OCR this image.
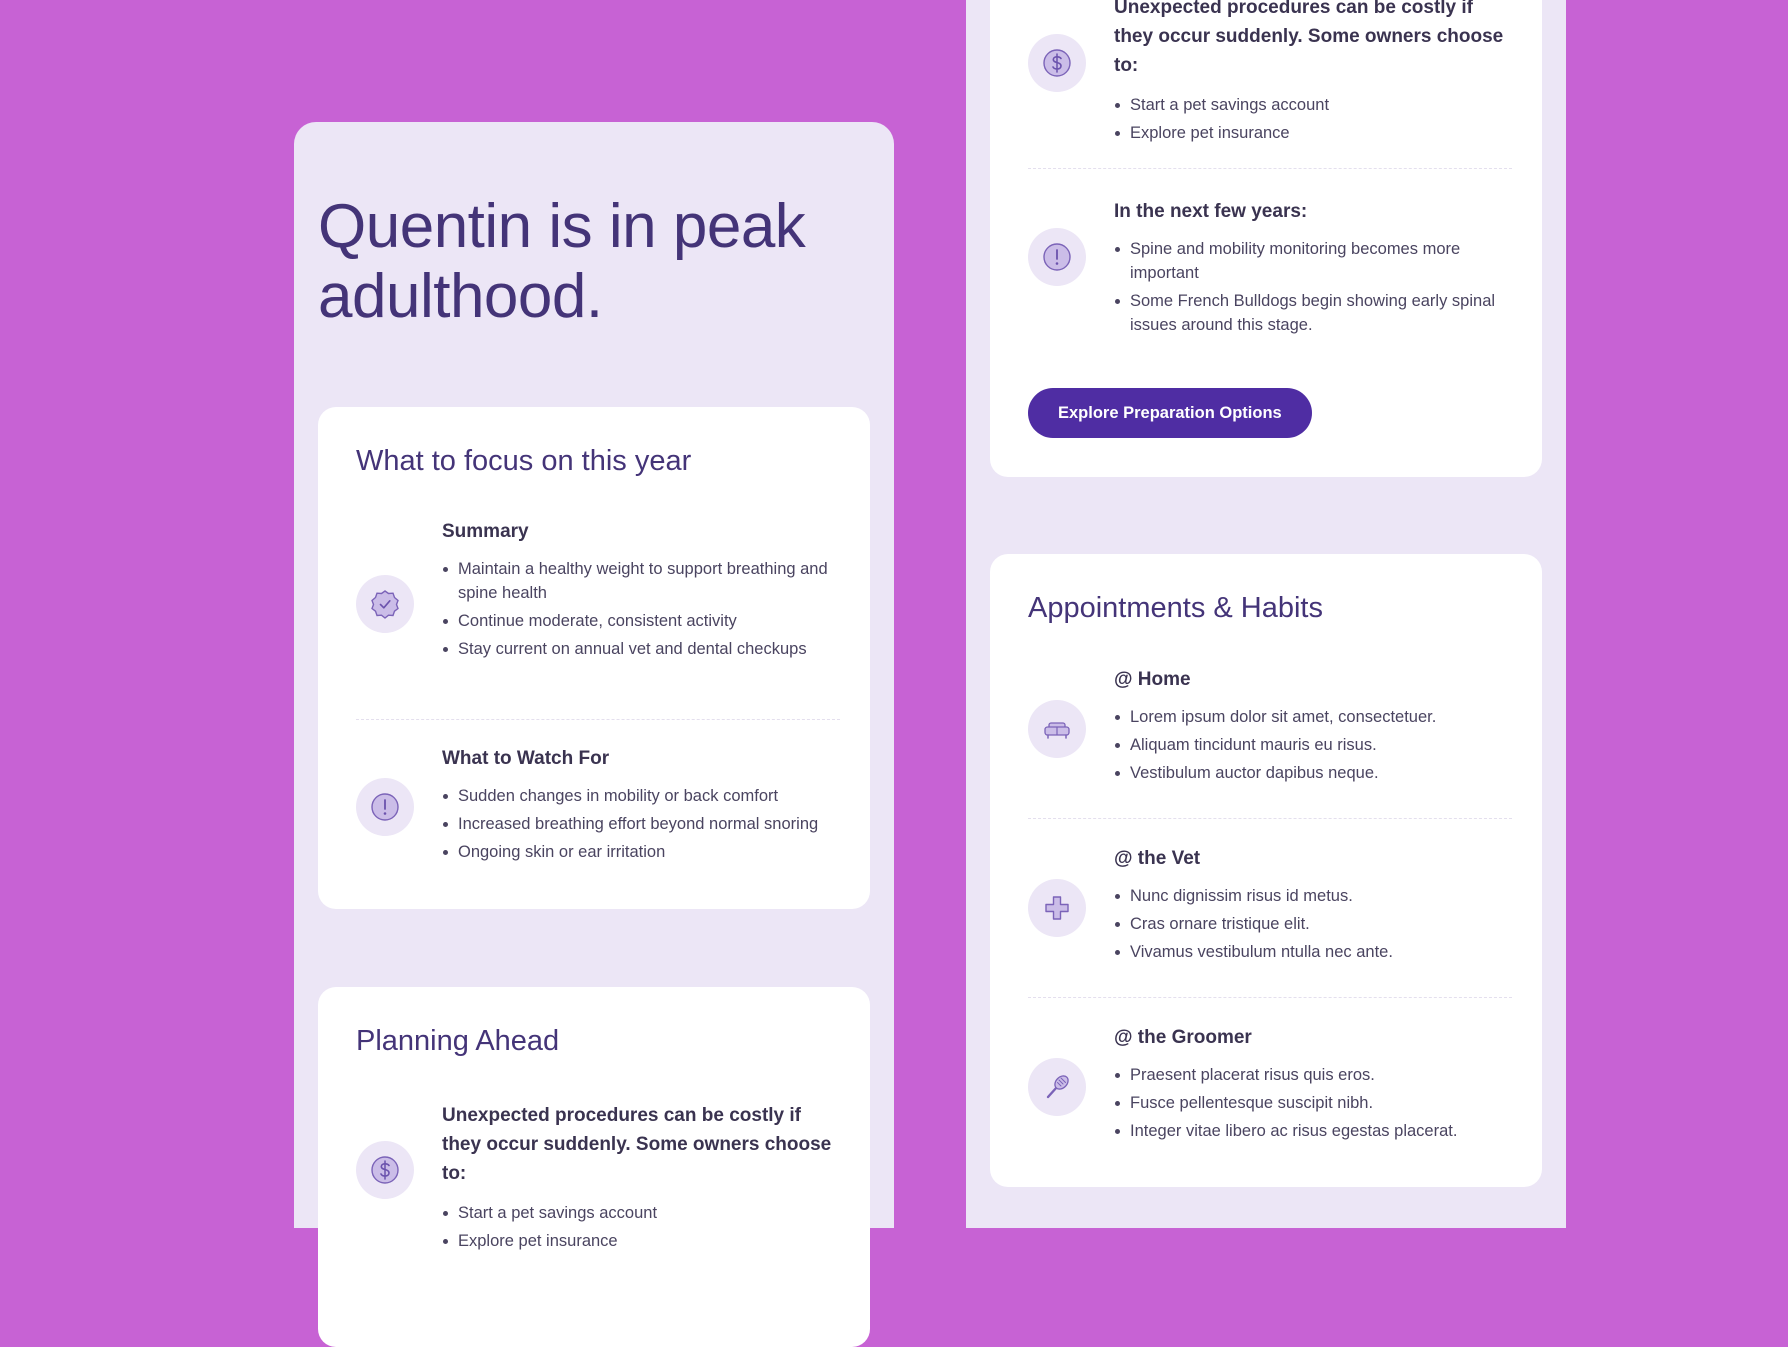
Quentin is in peak adulthood.
What to focus on this year
Summary
Maintain a healthy weight to support breathing and spine health
Continue moderate, consistent activity
Stay current on annual vet and dental checkups
What to Watch For
Sudden changes in mobility or back comfort
Increased breathing effort beyond normal snoring
Ongoing skin or ear irritation
Planning Ahead
Unexpected procedures can be costly if they occur suddenly. Some owners choose to:
Start a pet savings account
Explore pet insurance
Unexpected procedures can be costly if they occur suddenly. Some owners choose to:
Start a pet savings account
Explore pet insurance
In the next few years:
Spine and mobility monitoring becomes more important
Some French Bulldogs begin showing early spinal issues around this stage.
Explore Preparation Options
Appointments & Habits
@ Home
Lorem ipsum dolor sit amet, consectetuer.
Aliquam tincidunt mauris eu risus.
Vestibulum auctor dapibus neque.
@ the Vet
Nunc dignissim risus id metus.
Cras ornare tristique elit.
Vivamus vestibulum ntulla nec ante.
@ the Groomer
Praesent placerat risus quis eros.
Fusce pellentesque suscipit nibh.
Integer vitae libero ac risus egestas placerat.
